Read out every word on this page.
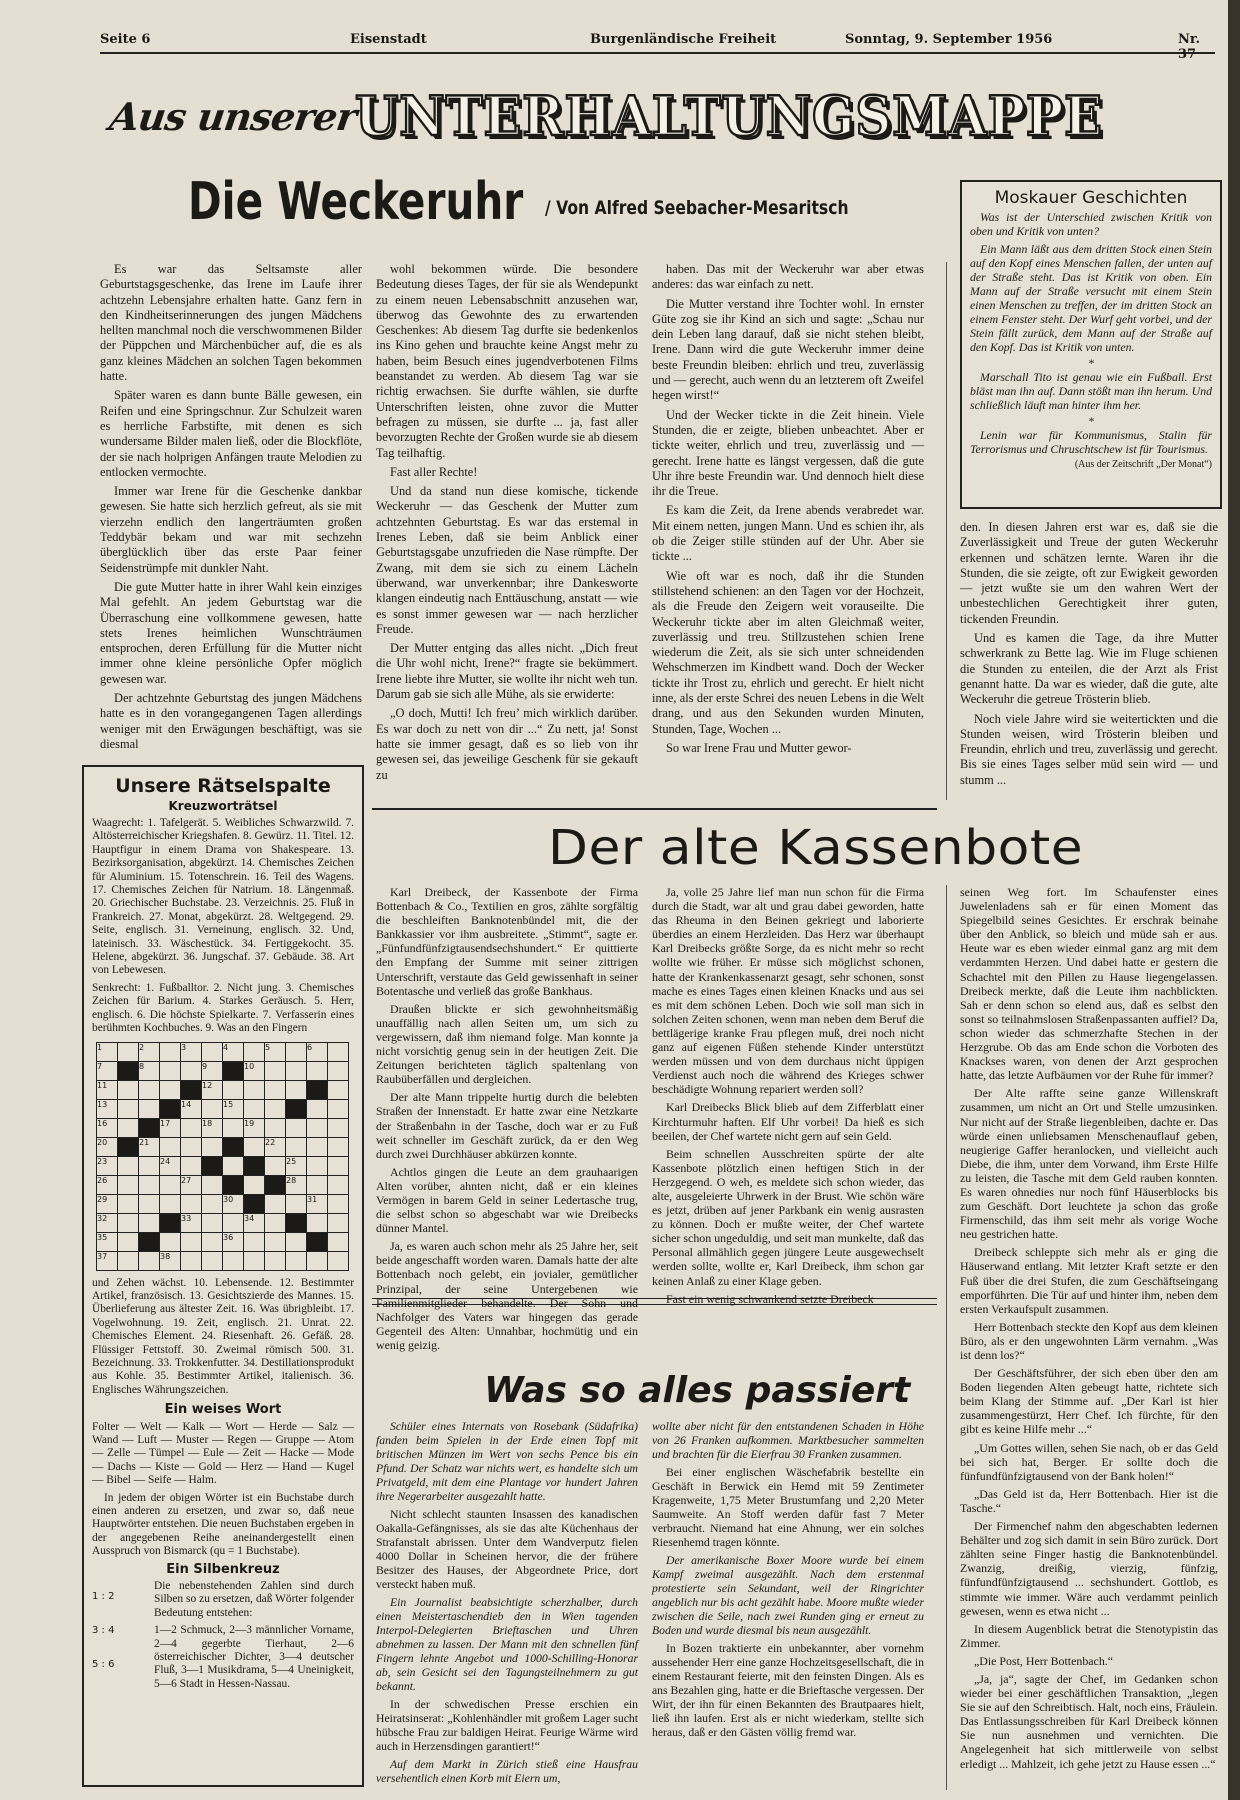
Seite 6	Eisenstadt	Burgenländische Freiheit	Sonntag, 9. September 1956	Nr. 37
Aus unserer
UNTERHALTUNGSMAPPE
Die Weckeruhr / Von Alfred Seebacher-Mesaritsch

Es war das Seltsamste aller Geburtstagsgeschenke, das Irene im Laufe ihrer achtzehn Lebensjahre erhalten hatte. Ganz fern in den Kindheitserinnerungen des jungen Mädchens hellten manchmal noch die verschwommenen Bilder der Püppchen und Märchenbücher auf, die es als ganz kleines Mädchen an solchen Tagen bekommen hatte.

Später waren es dann bunte Bälle gewesen, ein Reifen und eine Springschnur. Zur Schulzeit waren es herrliche Farbstifte, mit denen es sich wundersame Bilder malen ließ, oder die Blockflöte, der sie nach holprigen Anfängen traute Melodien zu entlocken vermochte.

Immer war Irene für die Geschenke dankbar gewesen. Sie hatte sich herzlich gefreut, als sie mit vierzehn endlich den langerträumten großen Teddybär bekam und war mit sechzehn überglücklich über das erste Paar feiner Seidenstrümpfe mit dunkler Naht.

Die gute Mutter hatte in ihrer Wahl kein einziges Mal gefehlt. An jedem Geburtstag war die Überraschung eine vollkommene gewesen, hatte stets Irenes heimlichen Wunschträumen entsprochen, deren Erfüllung für die Mutter nicht immer ohne kleine persönliche Opfer möglich gewesen war.

Der achtzehnte Geburtstag des jungen Mädchens hatte es in den vorangegangenen Tagen allerdings weniger mit den Erwägungen beschäftigt, was sie diesmal

wohl bekommen würde. Die besondere Bedeutung dieses Tages, der für sie als Wendepunkt zu einem neuen Lebensabschnitt anzusehen war, überwog das Gewohnte des zu erwartenden Geschenkes: Ab diesem Tag durfte sie bedenkenlos ins Kino gehen und brauchte keine Angst mehr zu haben, beim Besuch eines jugendverbotenen Films beanstandet zu werden. Ab diesem Tag war sie richtig erwachsen. Sie durfte wählen, sie durfte Unterschriften leisten, ohne zuvor die Mutter befragen zu müssen, sie durfte ... ja, fast aller bevorzugten Rechte der Großen wurde sie ab diesem Tag teilhaftig.

Fast aller Rechte!

Und da stand nun diese komische, tickende Weckeruhr — das Geschenk der Mutter zum achtzehnten Geburtstag. Es war das erstemal in Irenes Leben, daß sie beim Anblick einer Geburtstagsgabe unzufrieden die Nase rümpfte. Der Zwang, mit dem sie sich zu einem Lächeln überwand, war unverkennbar; ihre Dankesworte klangen eindeutig nach Enttäuschung, anstatt — wie es sonst immer gewesen war — nach herzlicher Freude.

Der Mutter entging das alles nicht. „Dich freut die Uhr wohl nicht, Irene?“ fragte sie bekümmert. Irene liebte ihre Mutter, sie wollte ihr nicht weh tun. Darum gab sie sich alle Mühe, als sie erwiderte:

„O doch, Mutti! Ich freu’ mich wirklich darüber. Es war doch zu nett von dir ...“ Zu nett, ja! Sonst hatte sie immer gesagt, daß es so lieb von ihr gewesen sei, das jeweilige Geschenk für sie gekauft zu

haben. Das mit der Weckeruhr war aber etwas anderes: das war einfach zu nett.

Die Mutter verstand ihre Tochter wohl. In ernster Güte zog sie ihr Kind an sich und sagte: „Schau nur dein Leben lang darauf, daß sie nicht stehen bleibt, Irene. Dann wird die gute Weckeruhr immer deine beste Freundin bleiben: ehrlich und treu, zuverlässig und — gerecht, auch wenn du an letzterem oft Zweifel hegen wirst!“

Und der Wecker tickte in die Zeit hinein. Viele Stunden, die er zeigte, blieben unbeachtet. Aber er tickte weiter, ehrlich und treu, zuverlässig und — gerecht. Irene hatte es längst vergessen, daß die gute Uhr ihre beste Freundin war. Und dennoch hielt diese ihr die Treue.

Es kam die Zeit, da Irene abends verabredet war. Mit einem netten, jungen Mann. Und es schien ihr, als ob die Zeiger stille stünden auf der Uhr. Aber sie tickte ...

Wie oft war es noch, daß ihr die Stunden stillstehend schienen: an den Tagen vor der Hochzeit, als die Freude den Zeigern weit vorauseilte. Die Weckeruhr tickte aber im alten Gleichmaß weiter, zuverlässig und treu. Stillzustehen schien Irene wiederum die Zeit, als sie sich unter schneidenden Wehschmerzen im Kindbett wand. Doch der Wecker tickte ihr Trost zu, ehrlich und gerecht. Er hielt nicht inne, als der erste Schrei des neuen Lebens in die Welt drang, und aus den Sekunden wurden Minuten, Stunden, Tage, Wochen ...

So war Irene Frau und Mutter gewor-

Moskauer Geschichten

Was ist der Unterschied zwischen Kritik von oben und Kritik von unten?

Ein Mann läßt aus dem dritten Stock einen Stein auf den Kopf eines Menschen fallen, der unten auf der Straße steht. Das ist Kritik von oben. Ein Mann auf der Straße versucht mit einem Stein einen Menschen zu treffen, der im dritten Stock an einem Fenster steht. Der Wurf geht vorbei, und der Stein fällt zurück, dem Mann auf der Straße auf den Kopf. Das ist Kritik von unten.

*

Marschall Tito ist genau wie ein Fußball. Erst bläst man ihn auf. Dann stößt man ihn herum. Und schließlich läuft man hinter ihm her.

*

Lenin war für Kommunismus, Stalin für Terrorismus und Chruschtschew ist für Tourismus.

(Aus der Zeitschrift „Der Monat“)

den. In diesen Jahren erst war es, daß sie die Zuverlässigkeit und Treue der guten Weckeruhr erkennen und schätzen lernte. Waren ihr die Stunden, die sie zeigte, oft zur Ewigkeit geworden — jetzt wußte sie um den wahren Wert der unbestechlichen Gerechtigkeit ihrer guten, tickenden Freundin.

Und es kamen die Tage, da ihre Mutter schwerkrank zu Bette lag. Wie im Fluge schienen die Stunden zu enteilen, die der Arzt als Frist genannt hatte. Da war es wieder, daß die gute, alte Weckeruhr die getreue Trösterin blieb.

Noch viele Jahre wird sie weitertickten und die Stunden weisen, wird Trösterin bleiben und Freundin, ehrlich und treu, zuverlässig und gerecht. Bis sie eines Tages selber müd sein wird — und stumm ...

Unsere Rätselspalte
Kreuzworträtsel

Waagrecht: 1. Tafelgerät. 5. Weibliches Schwarzwild. 7. Altösterreichischer Kriegshafen. 8. Gewürz. 11. Titel. 12. Hauptfigur in einem Drama von Shakespeare. 13. Bezirksorganisation, abgekürzt. 14. Chemisches Zeichen für Aluminium. 15. Totenschrein. 16. Teil des Wagens. 17. Chemisches Zeichen für Natrium. 18. Längenmaß. 20. Griechischer Buchstabe. 23. Verzeichnis. 25. Fluß in Frankreich. 27. Monat, abgekürzt. 28. Weltgegend. 29. Seite, englisch. 31. Verneinung, englisch. 32. Und, lateinisch. 33. Wäschestück. 34. Fertiggekocht. 35. Helene, abgekürzt. 36. Jungschaf. 37. Gebäude. 38. Art von Lebewesen.

Senkrecht: 1. Fußballtor. 2. Nicht jung. 3. Chemisches Zeichen für Barium. 4. Starkes Geräusch. 5. Herr, englisch. 6. Die höchste Spielkarte. 7. Verfasserin eines berühmten Kochbuches. 9. Was an den Fingern

1		2		3		4		5		6	
7		8			9		10				
11					12						
13				14		15					
16			17		18		19				
20		21						22			
23			24						25		
26				27					28		
29						30				31	
32				33			34				
35						36					
37			38								

und Zehen wächst. 10. Lebensende. 12. Bestimmter Artikel, französisch. 13. Gesichtszierde des Mannes. 15. Überlieferung aus ältester Zeit. 16. Was übrigbleibt. 17. Vogelwohnung. 19. Zeit, englisch. 21. Unrat. 22. Chemisches Element. 24. Riesenhaft. 26. Gefäß. 28. Flüssiger Fettstoff. 30. Zweimal römisch 500. 31. Bezeichnung. 33. Trokkenfutter. 34. Destillationsprodukt aus Kohle. 35. Bestimmter Artikel, italienisch. 36. Englisches Währungszeichen.

Ein weises Wort

Folter — Welt — Kalk — Wort — Herde — Salz — Wand — Luft — Muster — Regen — Gruppe — Atom — Zelle — Tümpel — Eule — Zeit — Hacke — Mode — Dachs — Kiste — Gold — Herz — Hand — Kugel — Bibel — Seife — Halm.

In jedem der obigen Wörter ist ein Buchstabe durch einen anderen zu ersetzen, und zwar so, daß neue Hauptwörter entstehen. Die neuen Buchstaben ergeben in der angegebenen Reihe aneinandergestellt einen Ausspruch von Bismarck (qu = 1 Buchstabe).

Ein Silbenkreuz
1 : 2
3 : 4
5 : 6

Die nebenstehenden Zahlen sind durch Silben so zu ersetzen, daß Wörter folgender Bedeutung entstehen:

1—2 Schmuck, 2—3 männlicher Vorname, 2—4 gegerbte Tierhaut, 2—6 österreichischer Dichter, 3—4 deutscher Fluß, 3—1 Musikdrama, 5—4 Uneinigkeit, 5—6 Stadt in Hessen-Nassau.

Der alte Kassenbote

Karl Dreibeck, der Kassenbote der Firma Bottenbach & Co., Textilien en gros, zählte sorgfältig die beschleiften Banknotenbündel mit, die der Bankkassier vor ihm ausbreitete. „Stimmt“, sagte er. „Fünfundfünfzigtausendsechshundert.“ Er quittierte den Empfang der Summe mit seiner zittrigen Unterschrift, verstaute das Geld gewissenhaft in seiner Botentasche und verließ das große Bankhaus.

Draußen blickte er sich gewohnheitsmäßig unauffällig nach allen Seiten um, um sich zu vergewissern, daß ihm niemand folge. Man konnte ja nicht vorsichtig genug sein in der heutigen Zeit. Die Zeitungen berichteten täglich spaltenlang von Raubüberfällen und dergleichen.

Der alte Mann trippelte hurtig durch die belebten Straßen der Innenstadt. Er hatte zwar eine Netzkarte der Straßenbahn in der Tasche, doch war er zu Fuß weit schneller im Geschäft zurück, da er den Weg durch zwei Durchhäuser abkürzen konnte.

Achtlos gingen die Leute an dem grauhaarigen Alten vorüber, ahnten nicht, daß er ein kleines Vermögen in barem Geld in seiner Ledertasche trug, die selbst schon so abgeschabt war wie Dreibecks dünner Mantel.

Ja, es waren auch schon mehr als 25 Jahre her, seit beide angeschafft worden waren. Damals hatte der alte Bottenbach noch gelebt, ein jovialer, gemütlicher Prinzipal, der seine Untergebenen wie Familienmitglieder behandelte. Der Sohn und Nachfolger des Vaters war hingegen das gerade Gegenteil des Alten: Unnahbar, hochmütig und ein wenig geizig.

Ja, volle 25 Jahre lief man nun schon für die Firma durch die Stadt, war alt und grau dabei geworden, hatte das Rheuma in den Beinen gekriegt und laborierte überdies an einem Herzleiden. Das Herz war überhaupt Karl Dreibecks größte Sorge, da es nicht mehr so recht wollte wie früher. Er müsse sich möglichst schonen, hatte der Krankenkassenarzt gesagt, sehr schonen, sonst mache es eines Tages einen kleinen Knacks und aus sei es mit dem schönen Leben. Doch wie soll man sich in solchen Zeiten schonen, wenn man neben dem Beruf die bettlägerige kranke Frau pflegen muß, drei noch nicht ganz auf eigenen Füßen stehende Kinder unterstützt werden müssen und von dem durchaus nicht üppigen Verdienst auch noch die während des Krieges schwer beschädigte Wohnung repariert werden soll?

Karl Dreibecks Blick blieb auf dem Zifferblatt einer Kirchturmuhr haften. Elf Uhr vorbei! Da hieß es sich beeilen, der Chef wartete nicht gern auf sein Geld.

Beim schnellen Ausschreiten spürte der alte Kassenbote plötzlich einen heftigen Stich in der Herzgegend. O weh, es meldete sich schon wieder, das alte, ausgeleierte Uhrwerk in der Brust. Wie schön wäre es jetzt, drüben auf jener Parkbank ein wenig ausrasten zu können. Doch er mußte weiter, der Chef wartete sicher schon ungeduldig, und seit man munkelte, daß das Personal allmählich gegen jüngere Leute ausgewechselt werden sollte, wollte er, Karl Dreibeck, ihm schon gar keinen Anlaß zu einer Klage geben.

Fast ein wenig schwankend setzte Dreibeck

seinen Weg fort. Im Schaufenster eines Juwelenladens sah er für einen Moment das Spiegelbild seines Gesichtes. Er erschrak beinahe über den Anblick, so bleich und müde sah er aus. Heute war es eben wieder einmal ganz arg mit dem verdammten Herzen. Und dabei hatte er gestern die Schachtel mit den Pillen zu Hause liegengelassen. Dreibeck merkte, daß die Leute ihm nachblickten. Sah er denn schon so elend aus, daß es selbst den sonst so teilnahmslosen Straßenpassanten auffiel? Da, schon wieder das schmerzhafte Stechen in der Herzgrube. Ob das am Ende schon die Vorboten des Knackses waren, von denen der Arzt gesprochen hatte, das letzte Aufbäumen vor der Ruhe für immer?

Der Alte raffte seine ganze Willenskraft zusammen, um nicht an Ort und Stelle umzusinken. Nur nicht auf der Straße liegenbleiben, dachte er. Das würde einen unliebsamen Menschenauflauf geben, neugierige Gaffer heranlocken, und vielleicht auch Diebe, die ihm, unter dem Vorwand, ihm Erste Hilfe zu leisten, die Tasche mit dem Geld rauben konnten. Es waren ohnedies nur noch fünf Häuserblocks bis zum Geschäft. Dort leuchtete ja schon das große Firmenschild, das ihm seit mehr als vorige Woche neu gestrichen hatte.

Dreibeck schleppte sich mehr als er ging die Häuserwand entlang. Mit letzter Kraft setzte er den Fuß über die drei Stufen, die zum Geschäftseingang emporführten. Die Tür auf und hinter ihm, neben dem ersten Verkaufspult zusammen.

Herr Bottenbach steckte den Kopf aus dem kleinen Büro, als er den ungewohnten Lärm vernahm. „Was ist denn los?“

Der Geschäftsführer, der sich eben über den am Boden liegenden Alten gebeugt hatte, richtete sich beim Klang der Stimme auf. „Der Karl ist hier zusammengestürzt, Herr Chef. Ich fürchte, für den gibt es keine Hilfe mehr ...“

„Um Gottes willen, sehen Sie nach, ob er das Geld bei sich hat, Berger. Er sollte doch die fünfundfünfzigtausend von der Bank holen!“

„Das Geld ist da, Herr Bottenbach. Hier ist die Tasche.“

Der Firmenchef nahm den abgeschabten ledernen Behälter und zog sich damit in sein Büro zurück. Dort zählten seine Finger hastig die Banknotenbündel. Zwanzig, dreißig, vierzig, fünfzig, fünfundfünfzigtausend ... sechshundert. Gottlob, es stimmte wie immer. Wäre auch verdammt peinlich gewesen, wenn es etwa nicht ...

In diesem Augenblick betrat die Stenotypistin das Zimmer.

„Die Post, Herr Bottenbach.“

„Ja, ja“, sagte der Chef, im Gedanken schon wieder bei einer geschäftlichen Transaktion, „legen Sie sie auf den Schreibtisch. Halt, noch eins, Fräulein. Das Entlassungsschreiben für Karl Dreibeck können Sie nun ausnehmen und vernichten. Die Angelegenheit hat sich mittlerweile von selbst erledigt ... Mahlzeit, ich gehe jetzt zu Hause essen ...“

Was so alles passiert

Schüler eines Internats von Rosebank (Südafrika) fanden beim Spielen in der Erde einen Topf mit britischen Münzen im Wert von sechs Pence bis ein Pfund. Der Schatz war nichts wert, es handelte sich um Privatgeld, mit dem eine Plantage vor hundert Jahren ihre Negerarbeiter ausgezahlt hatte.

Nicht schlecht staunten Insassen des kanadischen Oakalla-Gefängnisses, als sie das alte Küchenhaus der Strafanstalt abrissen. Unter dem Wandverputz fielen 4000 Dollar in Scheinen hervor, die der frühere Besitzer des Hauses, der Abgeordnete Price, dort versteckt haben muß.

Ein Journalist beabsichtigte scherzhalber, durch einen Meistertaschendieb den in Wien tagenden Interpol-Delegierten Brieftaschen und Uhren abnehmen zu lassen. Der Mann mit den schnellen fünf Fingern lehnte Angebot und 1000-Schilling-Honorar ab, sein Gesicht sei den Tagungsteilnehmern zu gut bekannt.

In der schwedischen Presse erschien ein Heiratsinserat: „Kohlenhändler mit großem Lager sucht hübsche Frau zur baldigen Heirat. Feurige Wärme wird auch in Herzensdingen garantiert!“

Auf dem Markt in Zürich stieß eine Hausfrau versehentlich einen Korb mit Eiern um,

wollte aber nicht für den entstandenen Schaden in Höhe von 26 Franken aufkommen. Marktbesucher sammelten und brachten für die Eierfrau 30 Franken zusammen.

Bei einer englischen Wäschefabrik bestellte ein Geschäft in Berwick ein Hemd mit 59 Zentimeter Kragenweite, 1,75 Meter Brustumfang und 2,20 Meter Saumweite. An Stoff werden dafür fast 7 Meter verbraucht. Niemand hat eine Ahnung, wer ein solches Riesenhemd tragen könnte.

Der amerikanische Boxer Moore wurde bei einem Kampf zweimal ausgezählt. Nach dem erstenmal protestierte sein Sekundant, weil der Ringrichter angeblich nur bis acht gezählt habe. Moore mußte wieder zwischen die Seile, nach zwei Runden ging er erneut zu Boden und wurde diesmal bis neun ausgezählt.

In Bozen traktierte ein unbekannter, aber vornehm aussehender Herr eine ganze Hochzeitsgesellschaft, die in einem Restaurant feierte, mit den feinsten Dingen. Als es ans Bezahlen ging, hatte er die Brieftasche vergessen. Der Wirt, der ihn für einen Bekannten des Brautpaares hielt, ließ ihn laufen. Erst als er nicht wiederkam, stellte sich heraus, daß er den Gästen völlig fremd war.
